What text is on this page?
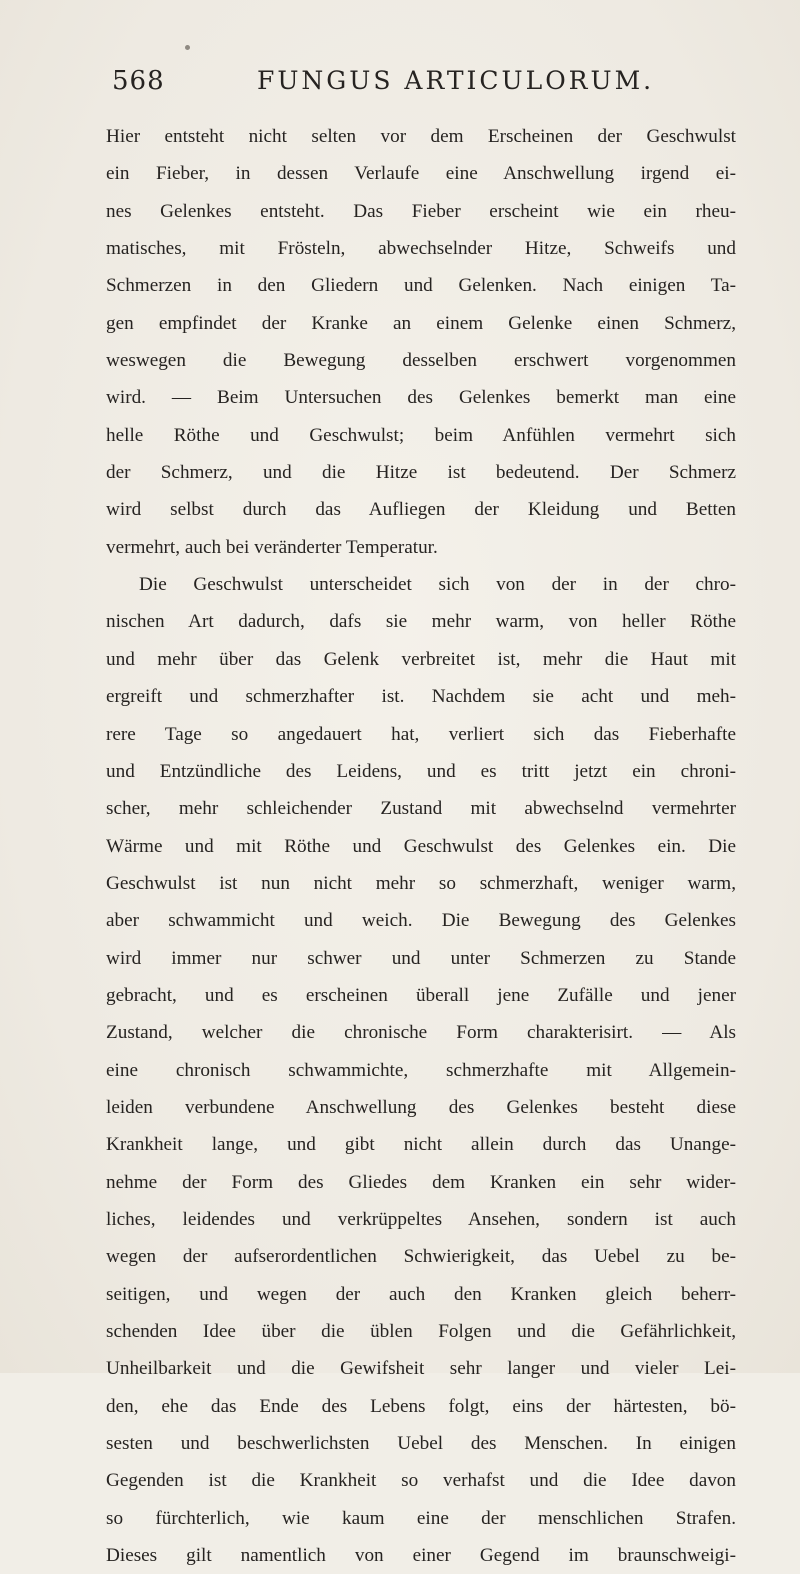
568	FUNGUS ARTICULORUM.
Hier entsteht nicht selten vor dem Erscheinen der Geschwulst
ein Fieber, in dessen Verlaufe eine Anschwellung irgend ei-
nes Gelenkes entsteht. Das Fieber erscheint wie ein rheu-
matisches, mit Frösteln, abwechselnder Hitze, Schweifs und
Schmerzen in den Gliedern und Gelenken. Nach einigen Ta-
gen empfindet der Kranke an einem Gelenke einen Schmerz,
weswegen die Bewegung desselben erschwert vorgenommen
wird. — Beim Untersuchen des Gelenkes bemerkt man eine
helle Röthe und Geschwulst; beim Anfühlen vermehrt sich
der Schmerz, und die Hitze ist bedeutend. Der Schmerz
wird selbst durch das Aufliegen der Kleidung und Betten
vermehrt, auch bei veränderter Temperatur.
Die Geschwulst unterscheidet sich von der in der chro-
nischen Art dadurch, dafs sie mehr warm, von heller Röthe
und mehr über das Gelenk verbreitet ist, mehr die Haut mit
ergreift und schmerzhafter ist. Nachdem sie acht und meh-
rere Tage so angedauert hat, verliert sich das Fieberhafte
und Entzündliche des Leidens, und es tritt jetzt ein chroni-
scher, mehr schleichender Zustand mit abwechselnd vermehrter
Wärme und mit Röthe und Geschwulst des Gelenkes ein. Die
Geschwulst ist nun nicht mehr so schmerzhaft, weniger warm,
aber schwammicht und weich. Die Bewegung des Gelenkes
wird immer nur schwer und unter Schmerzen zu Stande
gebracht, und es erscheinen überall jene Zufälle und jener
Zustand, welcher die chronische Form charakterisirt. — Als
eine chronisch schwammichte, schmerzhafte mit Allgemein-
leiden verbundene Anschwellung des Gelenkes besteht diese
Krankheit lange, und gibt nicht allein durch das Unange-
nehme der Form des Gliedes dem Kranken ein sehr wider-
liches, leidendes und verkrüppeltes Ansehen, sondern ist auch
wegen der aufserordentlichen Schwierigkeit, das Uebel zu be-
seitigen, und wegen der auch den Kranken gleich beherr-
schenden Idee über die üblen Folgen und die Gefährlichkeit,
Unheilbarkeit und die Gewifsheit sehr langer und vieler Lei-
den, ehe das Ende des Lebens folgt, eins der härtesten, bö-
sesten und beschwerlichsten Uebel des Menschen. In einigen
Gegenden ist die Krankheit so verhafst und die Idee davon
so fürchterlich, wie kaum eine der menschlichen Strafen.
Dieses gilt namentlich von einer Gegend im braunschweigi-
